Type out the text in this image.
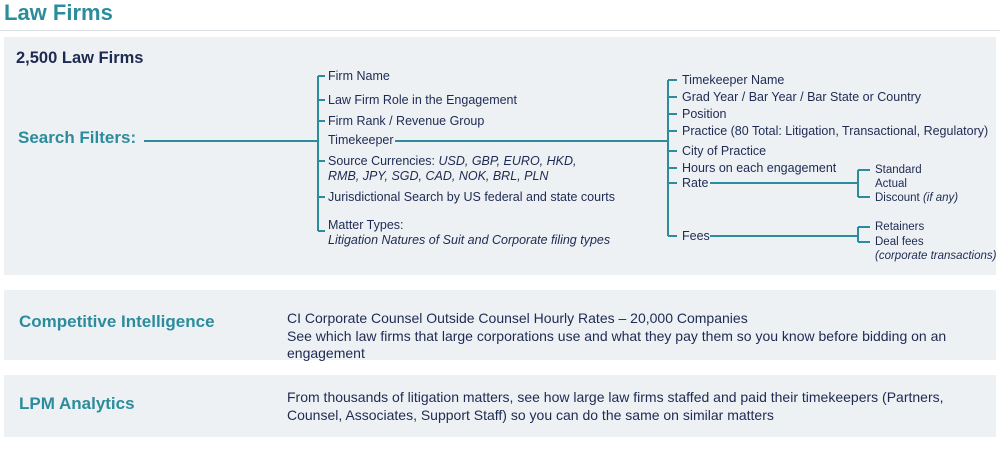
Law Firms
2,500 Law Firms
Search Filters:
Firm Name
Law Firm Role in the Engagement
Firm Rank / Revenue Group
Timekeeper
Source Currencies: USD, GBP, EURO, HKD,
RMB, JPY, SGD, CAD, NOK, BRL, PLN
Jurisdictional Search by US federal and state courts
Matter Types:
Litigation Natures of Suit and Corporate filing types
Timekeeper Name
Grad Year / Bar Year / Bar State or Country
Position
Practice (80 Total: Litigation, Transactional, Regulatory)
City of Practice
Hours on each engagement
Rate
Fees
Standard
Actual
Discount (if any)
Retainers
Deal fees
(corporate transactions)
Competitive Intelligence	CI Corporate Counsel Outside Counsel Hourly Rates – 20,000 Companies
See which law firms that large corporations use and what they pay them so you know before bidding on an engagement
LPM Analytics	From thousands of litigation matters, see how large law firms staffed and paid their timekeepers (Partners, Counsel, Associates, Support Staff) so you can do the same on similar matters
